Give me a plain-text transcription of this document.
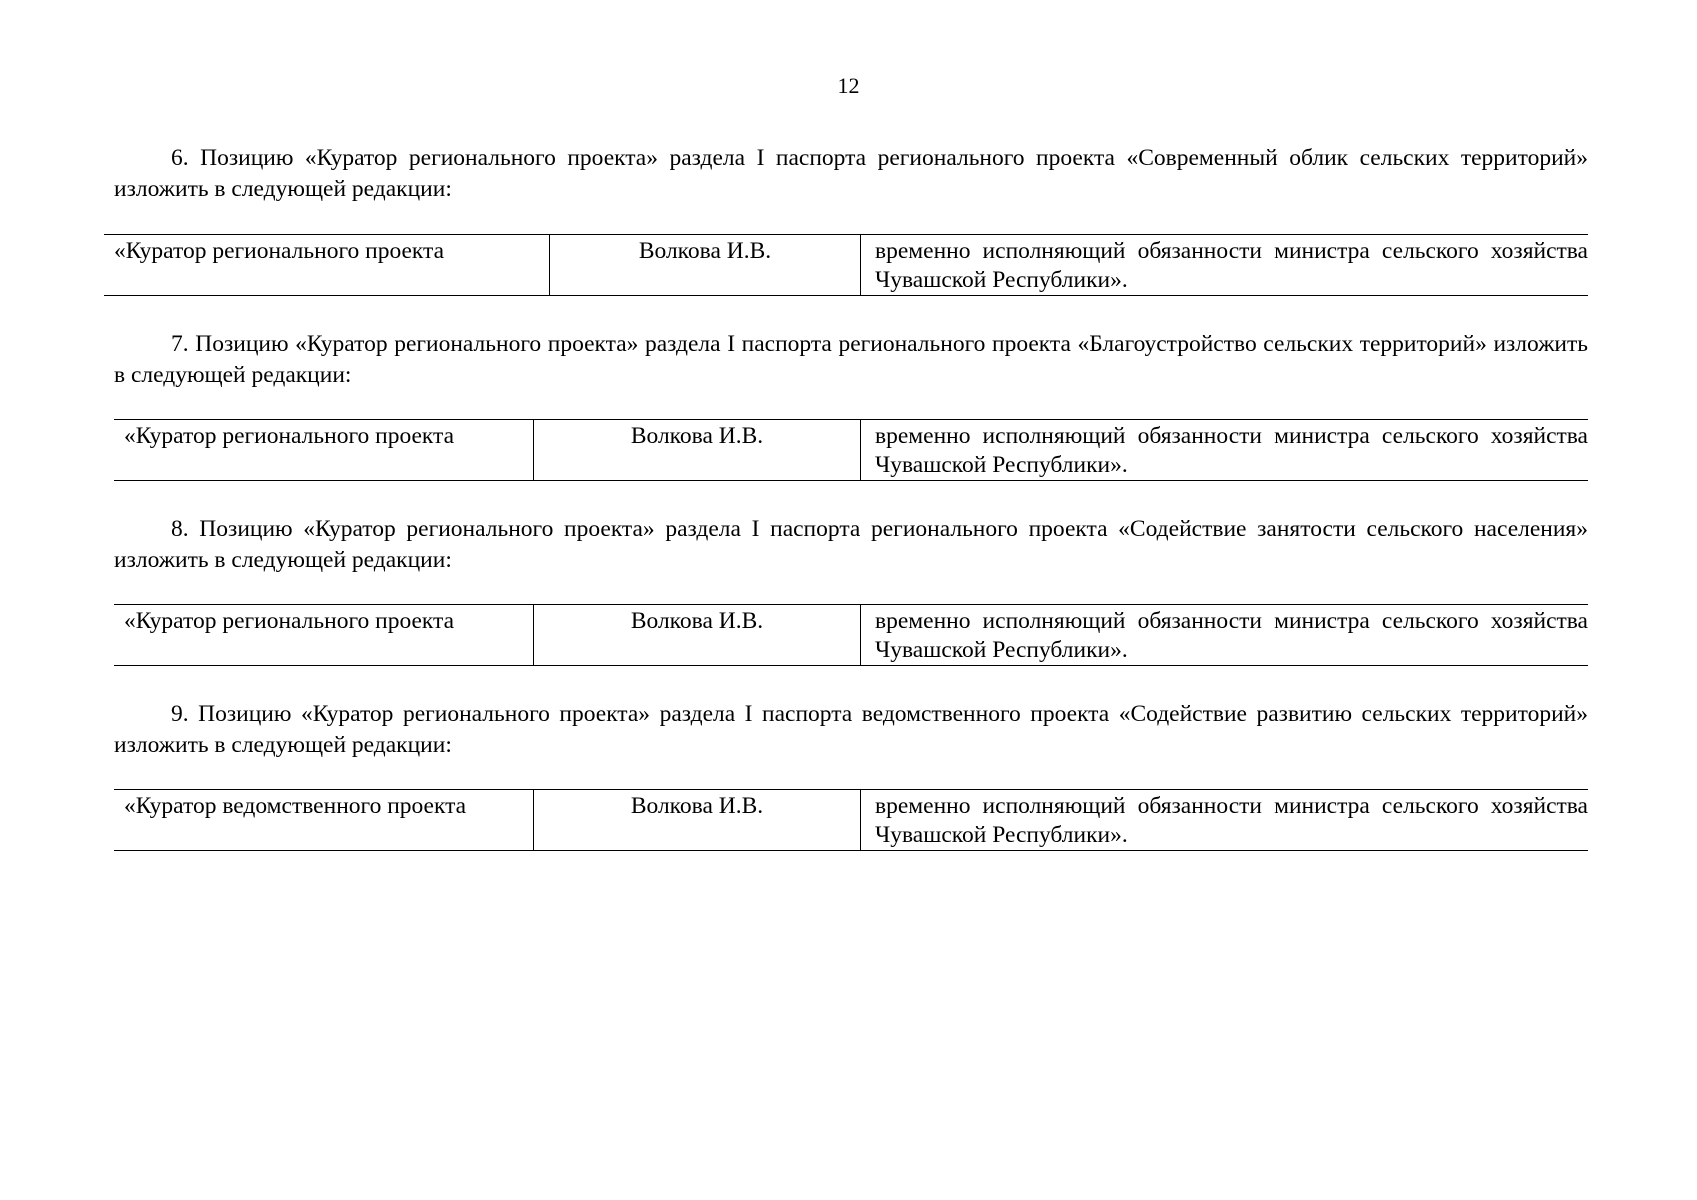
12

6. Позицию «Куратор регионального проекта» раздела I паспорта регионального проекта «Современный облик сельских территорий» изложить в следующей редакции:

«Куратор регионального проекта	Волкова И.В.	временно исполняющий обязанности министра сельского хозяйства Чувашской Республики».

7. Позицию «Куратор регионального проекта» раздела I паспорта регионального проекта «Благоустройство сельских территорий» изложить в следующей редакции:

«Куратор регионального проекта	Волкова И.В.	временно исполняющий обязанности министра сельского хозяйства Чувашской Республики».

8. Позицию «Куратор регионального проекта» раздела I паспорта регионального проекта «Содействие занятости сельского населения» изложить в следующей редакции:

«Куратор регионального проекта	Волкова И.В.	временно исполняющий обязанности министра сельского хозяйства Чувашской Республики».

9. Позицию «Куратор регионального проекта» раздела I паспорта ведомственного проекта «Содействие развитию сельских территорий» изложить в следующей редакции:

«Куратор ведомственного проекта	Волкова И.В.	временно исполняющий обязанности министра сельского хозяйства Чувашской Республики».
